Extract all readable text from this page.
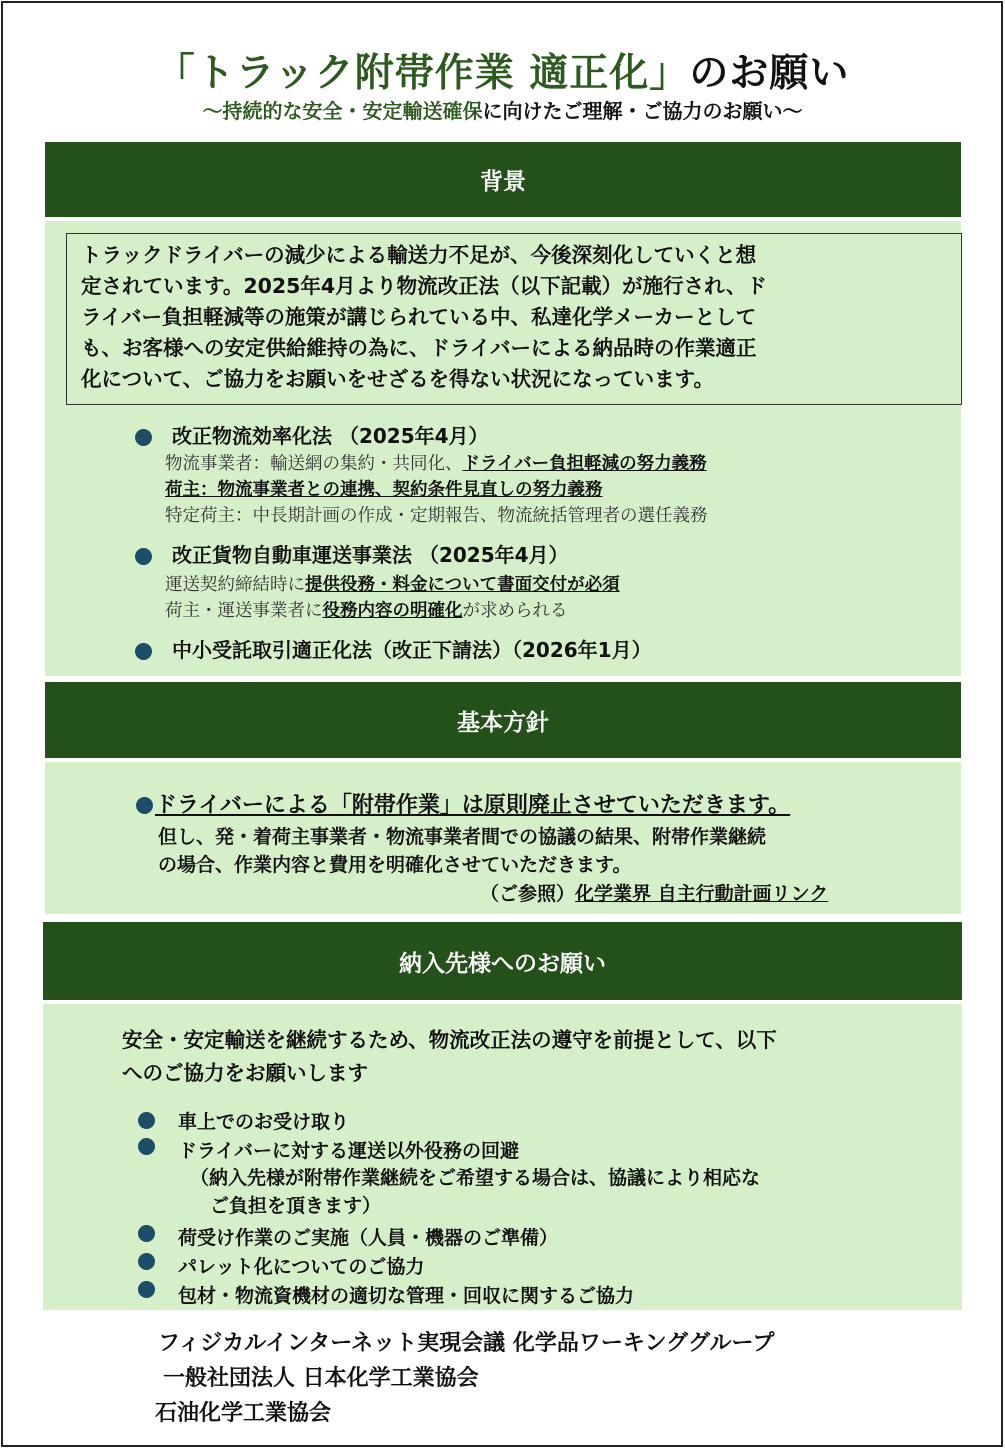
「トラック附帯作業 適正化」のお願い
～持続的な安全・安定輸送確保に向けたご理解・ご協力のお願い～
背景
トラックドライバーの減少による輸送力不足が、今後深刻化していくと想
定されています。2025年4月より物流改正法（以下記載）が施行され、ド
ライバー負担軽減等の施策が講じられている中、私達化学メーカーとして
も、お客様への安定供給維持の為に、ドライバーによる納品時の作業適正
化について、ご協力をお願いをせざるを得ない状況になっています。
改正物流効率化法 （2025年4月）
物流事業者：輸送網の集約・共同化、ドライバー負担軽減の努力義務
荷主：物流事業者との連携、契約条件見直しの努力義務
特定荷主：中長期計画の作成・定期報告、物流統括管理者の選任義務
改正貨物自動車運送事業法 （2025年4月）
運送契約締結時に提供役務・料金について書面交付が必須
荷主・運送事業者に役務内容の明確化が求められる
中小受託取引適正化法（改正下請法）（2026年1月）
基本方針
ドライバーによる「附帯作業」は原則廃止させていただきます。
但し、発・着荷主事業者・物流事業者間での協議の結果、附帯作業継続
の場合、作業内容と費用を明確化させていただきます。
（ご参照）化学業界 自主行動計画リンク
納入先様へのお願い
安全・安定輸送を継続するため、物流改正法の遵守を前提として、以下
へのご協力をお願いします
車上でのお受け取り
ドライバーに対する運送以外役務の回避
（納入先様が附帯作業継続をご希望する場合は、協議により相応な
ご負担を頂きます）
荷受け作業のご実施（人員・機器のご準備）
パレット化についてのご協力
包材・物流資機材の適切な管理・回収に関するご協力
フィジカルインターネット実現会議 化学品ワーキンググループ
一般社団法人 日本化学工業協会
石油化学工業協会
